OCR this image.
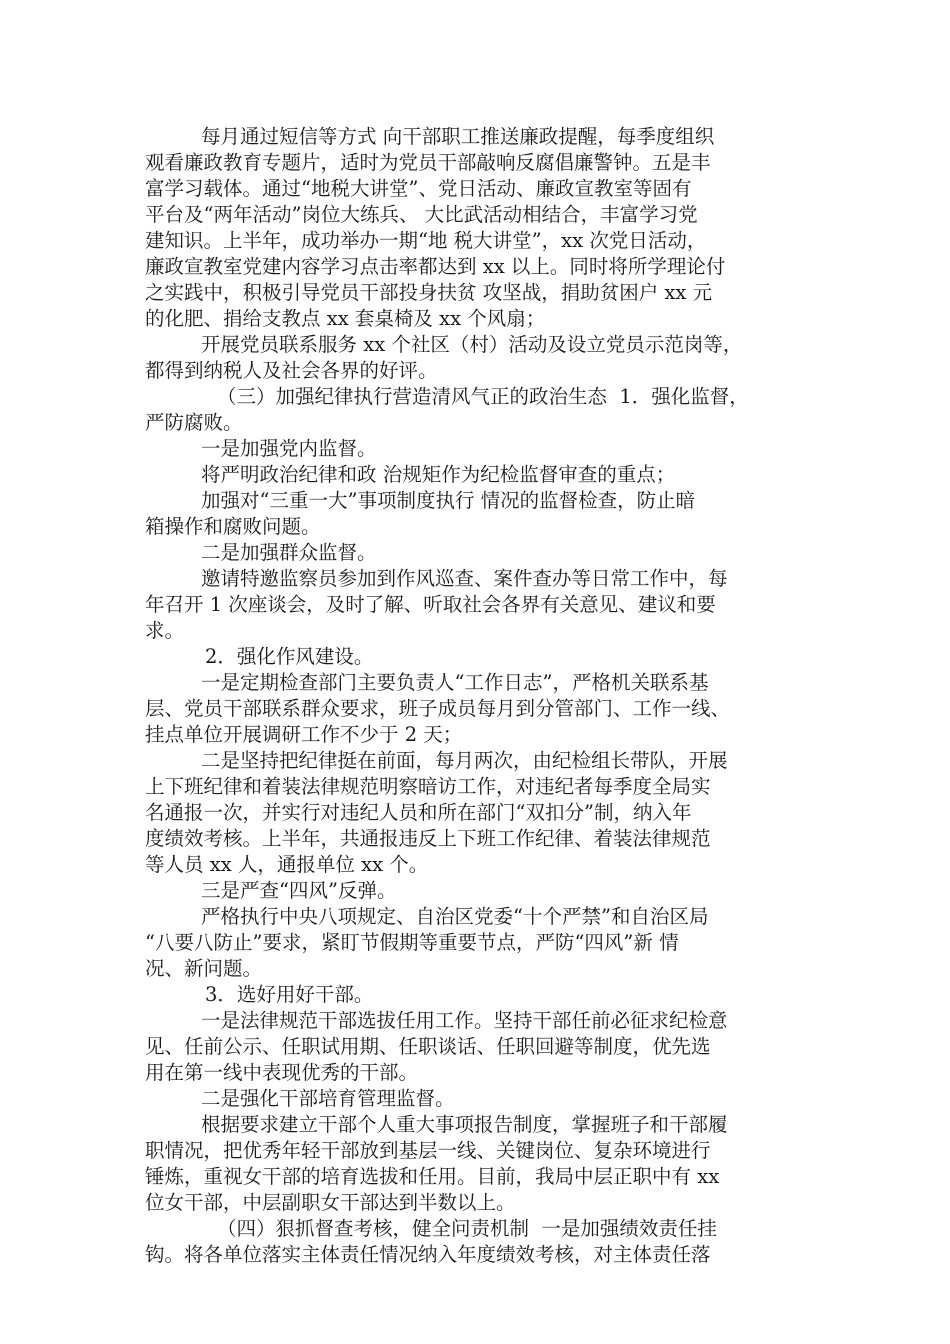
每月通过短信等方式 向干部职工推送廉政提醒，每季度组织
观看廉政教育专题片，适时为党员干部敲响反腐倡廉警钟。五是丰
富学习载体。通过“地税大讲堂”、党日活动、廉政宣教室等固有
平台及“两年活动”岗位大练兵、 大比武活动相结合，丰富学习党
建知识。上半年，成功举办一期“地 税大讲堂”，xx 次党日活动，
廉政宣教室党建内容学习点击率都达到 xx 以上。同时将所学理论付
之实践中，积极引导党员干部投身扶贫 攻坚战，捐助贫困户 xx 元
的化肥、捐给支教点 xx 套桌椅及 xx 个风扇；
开展党员联系服务 xx 个社区（村）活动及设立党员示范岗等，
都得到纳税人及社会各界的好评。
（三）加强纪律执行营造清风气正的政治生态  1．强化监督，
严防腐败。
一是加强党内监督。
将严明政治纪律和政 治规矩作为纪检监督审查的重点；
加强对“三重一大”事项制度执行 情况的监督检查，防止暗
箱操作和腐败问题。
二是加强群众监督。
邀请特邀监察员参加到作风巡查、案件查办等日常工作中，每
年召开 1 次座谈会，及时了解、听取社会各界有关意见、建议和要
求。
2．强化作风建设。
一是定期检查部门主要负责人“工作日志”，严格机关联系基
层、党员干部联系群众要求，班子成员每月到分管部门、工作一线、
挂点单位开展调研工作不少于 2 天；
二是坚持把纪律挺在前面，每月两次，由纪检组长带队，开展
上下班纪律和着装法律规范明察暗访工作，对违纪者每季度全局实
名通报一次，并实行对违纪人员和所在部门“双扣分”制，纳入年
度绩效考核。上半年，共通报违反上下班工作纪律、着装法律规范
等人员 xx 人，通报单位 xx 个。
三是严查“四风”反弹。
严格执行中央八项规定、自治区党委“十个严禁”和自治区局
“八要八防止”要求，紧盯节假期等重要节点，严防“四风”新 情
况、新问题。
3．选好用好干部。
一是法律规范干部选拔任用工作。坚持干部任前必征求纪检意
见、任前公示、任职试用期、任职谈话、任职回避等制度，优先选
用在第一线中表现优秀的干部。
二是强化干部培育管理监督。
根据要求建立干部个人重大事项报告制度，掌握班子和干部履
职情况，把优秀年轻干部放到基层一线、关键岗位、复杂环境进行
锤炼，重视女干部的培育选拔和任用。目前，我局中层正职中有 xx
位女干部，中层副职女干部达到半数以上。
（四）狠抓督查考核，健全问责机制  一是加强绩效责任挂
钩。将各单位落实主体责任情况纳入年度绩效考核，对主体责任落
